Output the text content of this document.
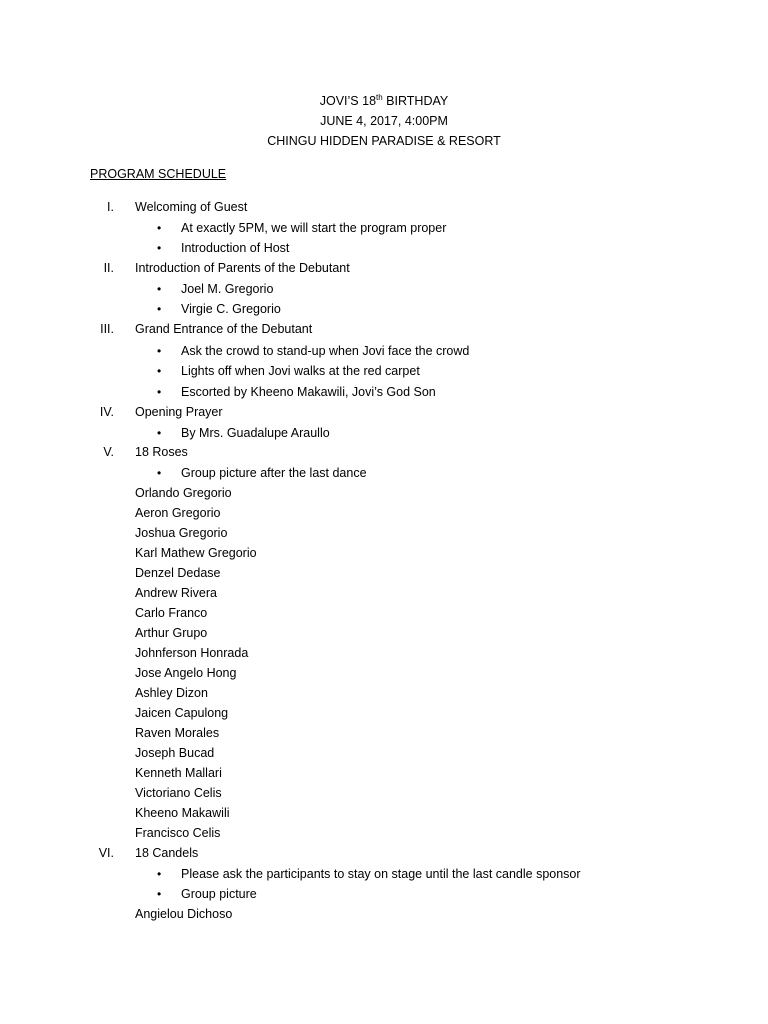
JOVI’S 18th BIRTHDAY
JUNE 4, 2017, 4:00PM
CHINGU HIDDEN PARADISE & RESORT
PROGRAM SCHEDULE
I. Welcoming of Guest
• At exactly 5PM, we will start the program proper
• Introduction of Host
II. Introduction of Parents of the Debutant
• Joel M. Gregorio
• Virgie C. Gregorio
III. Grand Entrance of the Debutant
• Ask the crowd to stand-up when Jovi face the crowd
• Lights off when Jovi walks at the red carpet
• Escorted by Kheeno Makawili, Jovi’s God Son
IV. Opening Prayer
• By Mrs. Guadalupe Araullo
V. 18 Roses
• Group picture after the last dance
Orlando Gregorio
Aeron Gregorio
Joshua Gregorio
Karl Mathew Gregorio
Denzel Dedase
Andrew Rivera
Carlo Franco
Arthur Grupo
Johnferson Honrada
Jose Angelo Hong
Ashley Dizon
Jaicen Capulong
Raven Morales
Joseph Bucad
Kenneth Mallari
Victoriano Celis
Kheeno Makawili
Francisco Celis
VI. 18 Candels
• Please ask the participants to stay on stage until the last candle sponsor
• Group picture
Angielou Dichoso
